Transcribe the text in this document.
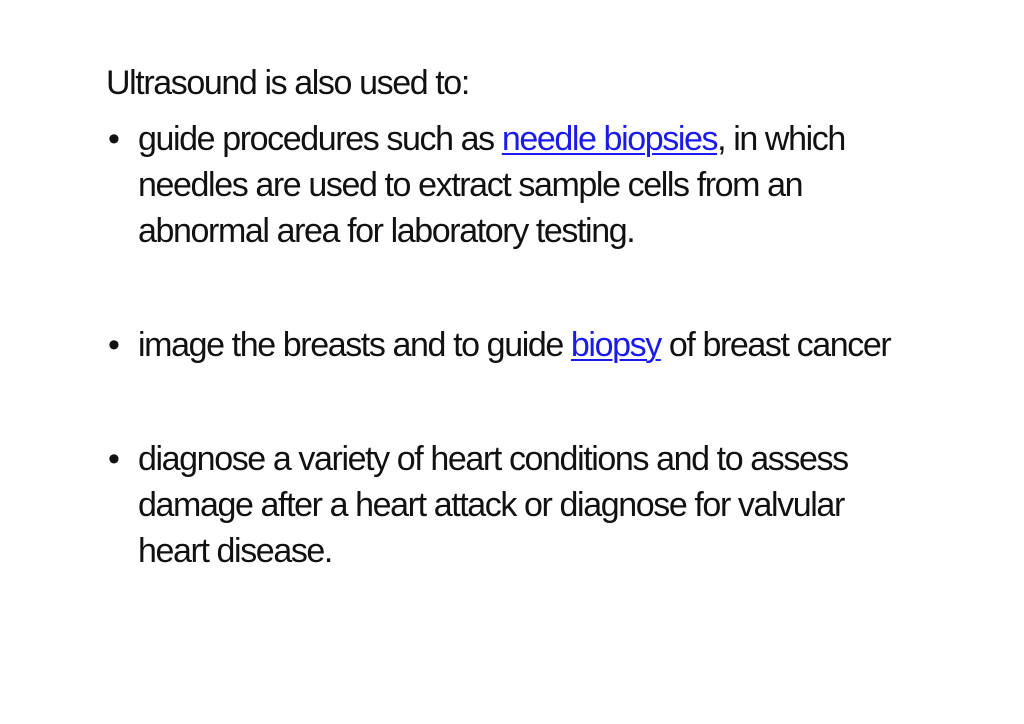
Ultrasound is also used to:
• guide procedures such as needle biopsies, in which needles are used to extract sample cells from an abnormal area for laboratory testing.
• image the breasts and to guide biopsy of breast cancer
• diagnose a variety of heart conditions and to assess damage after a heart attack or diagnose for valvular heart disease.
